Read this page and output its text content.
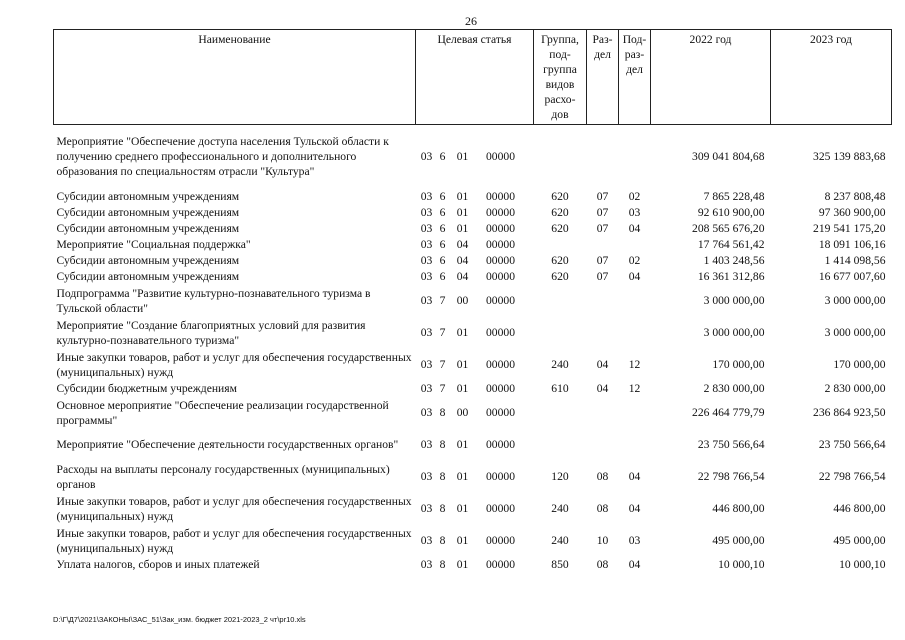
26
Наименование	Целевая статья	Группа, под-группа видов расхо-дов	Раз-дел	Под-раз-дел	2022 год	2023 год
Мероприятие "Обеспечение доступа населения Тульской области к получению среднего профессионального и дополнительного образования по специальностям отрасли "Культура"	03 6 01 00000				309 041 804,68	325 139 883,68
Субсидии автономным учреждениям	03 6 01 00000	620	07	02	7 865 228,48	8 237 808,48
Субсидии автономным учреждениям	03 6 01 00000	620	07	03	92 610 900,00	97 360 900,00
Субсидии автономным учреждениям	03 6 01 00000	620	07	04	208 565 676,20	219 541 175,20
Мероприятие "Социальная поддержка"	03 6 04 00000				17 764 561,42	18 091 106,16
Субсидии автономным учреждениям	03 6 04 00000	620	07	02	1 403 248,56	1 414 098,56
Субсидии автономным учреждениям	03 6 04 00000	620	07	04	16 361 312,86	16 677 007,60
Подпрограмма "Развитие культурно-познавательного туризма в Тульской области"	03 7 00 00000				3 000 000,00	3 000 000,00
Мероприятие "Создание благоприятных условий для развития культурно-познавательного туризма"	03 7 01 00000				3 000 000,00	3 000 000,00
Иные закупки товаров, работ и услуг для обеспечения государственных (муниципальных) нужд	03 7 01 00000	240	04	12	170 000,00	170 000,00
Субсидии бюджетным учреждениям	03 7 01 00000	610	04	12	2 830 000,00	2 830 000,00
Основное мероприятие "Обеспечение реализации государственной программы"	03 8 00 00000				226 464 779,79	236 864 923,50
Мероприятие "Обеспечение деятельности государственных органов"	03 8 01 00000				23 750 566,64	23 750 566,64
Расходы на выплаты персоналу государственных (муниципальных) органов	03 8 01 00000	120	08	04	22 798 766,54	22 798 766,54
Иные закупки товаров, работ и услуг для обеспечения государственных (муниципальных) нужд	03 8 01 00000	240	08	04	446 800,00	446 800,00
Иные закупки товаров, работ и услуг для обеспечения государственных (муниципальных) нужд	03 8 01 00000	240	10	03	495 000,00	495 000,00
Уплата налогов, сборов и иных платежей	03 8 01 00000	850	08	04	10 000,10	10 000,10
D:\Г\Д7\2021\ЗАКОНЫ\ЗАС_51\Зак_изм. бюджет 2021-2023_2 чт\pr10.xls
